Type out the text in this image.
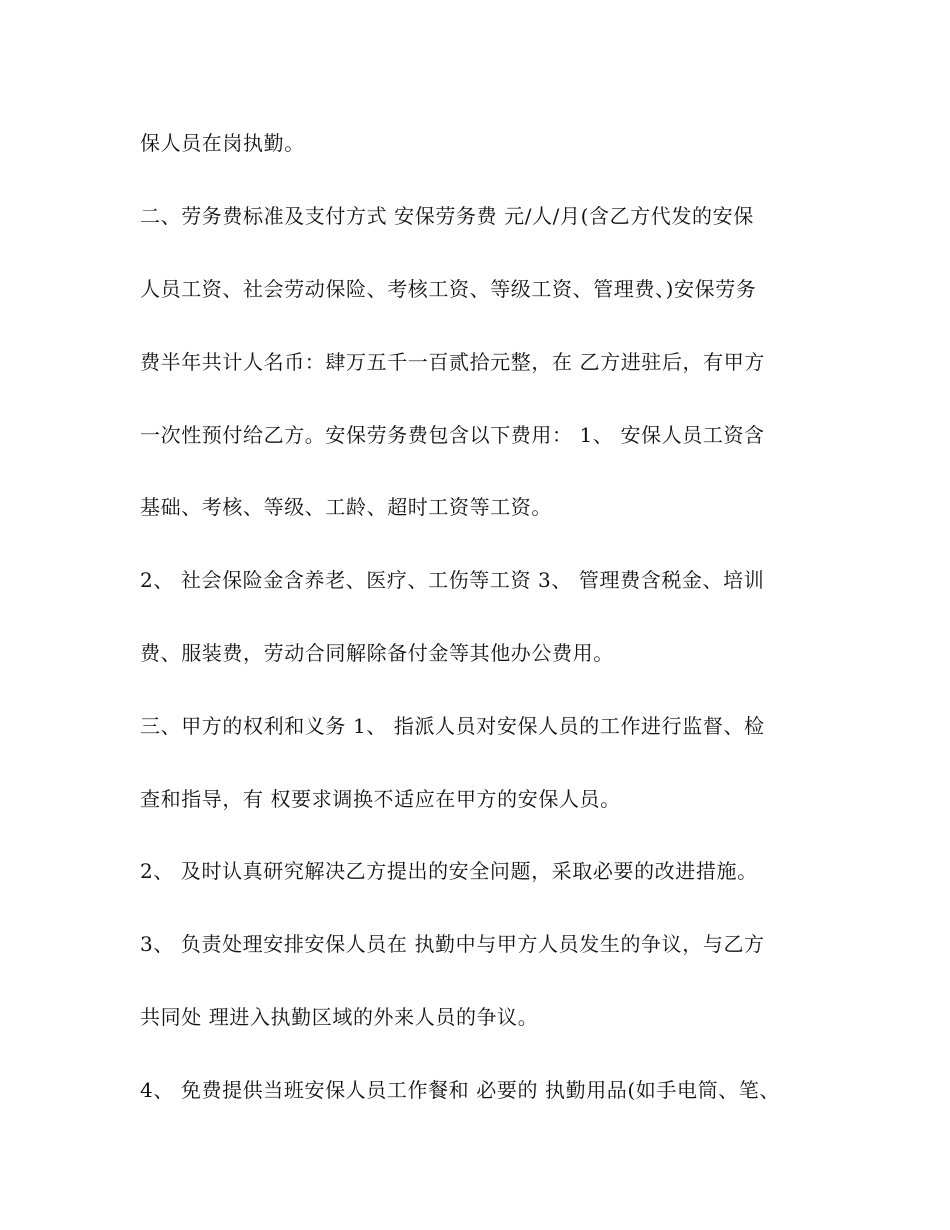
保人员在岗执勤。
二、劳务费标准及支付方式 安保劳务费 元/人/月(含乙方代发的安保
人员工资、社会劳动保险、考核工资、等级工资、管理费、)安保劳务
费半年共计人名币：肆万五千一百贰拾元整，在 乙方进驻后，有甲方
一次性预付给乙方。安保劳务费包含以下费用： 1、 安保人员工资含
基础、考核、等级、工龄、超时工资等工资。
2、 社会保险金含养老、医疗、工伤等工资 3、 管理费含税金、培训
费、服装费，劳动合同解除备付金等其他办公费用。
三、甲方的权利和义务 1、 指派人员对安保人员的工作进行监督、检
查和指导，有 权要求调换不适应在甲方的安保人员。
2、 及时认真研究解决乙方提出的安全问题，采取必要的改进措施。
3、 负责处理安排安保人员在 执勤中与甲方人员发生的争议，与乙方
共同处 理进入执勤区域的外来人员的争议。
4、 免费提供当班安保人员工作餐和 必要的 执勤用品(如手电筒、笔、
